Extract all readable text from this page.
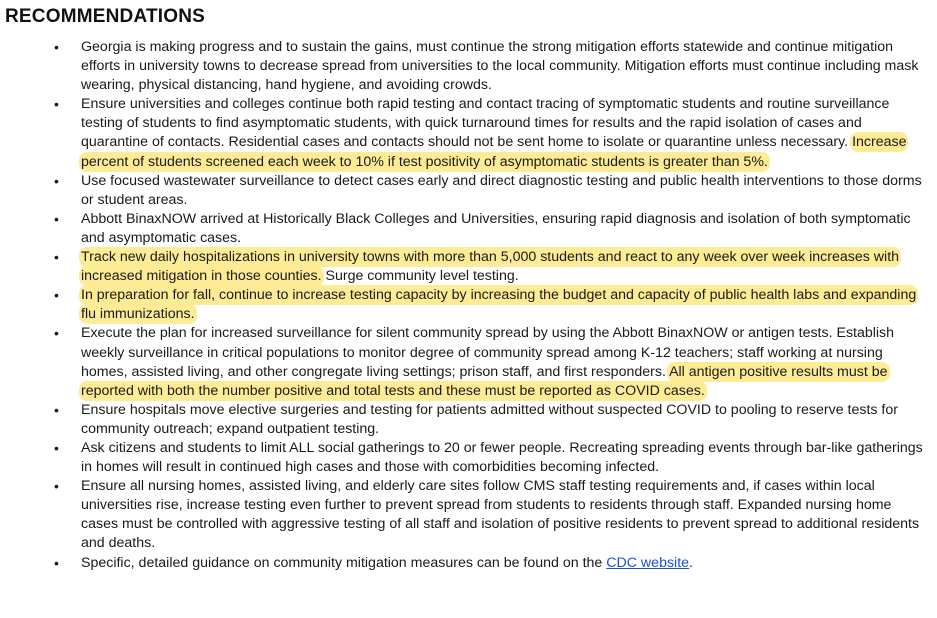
RECOMMENDATIONS
• Georgia is making progress and to sustain the gains, must continue the strong mitigation efforts statewide and continue mitigation efforts in university towns to decrease spread from universities to the local community. Mitigation efforts must continue including mask wearing, physical distancing, hand hygiene, and avoiding crowds.
• Ensure universities and colleges continue both rapid testing and contact tracing of symptomatic students and routine surveillance testing of students to find asymptomatic students, with quick turnaround times for results and the rapid isolation of cases and quarantine of contacts. Residential cases and contacts should not be sent home to isolate or quarantine unless necessary. Increase percent of students screened each week to 10% if test positivity of asymptomatic students is greater than 5%.
• Use focused wastewater surveillance to detect cases early and direct diagnostic testing and public health interventions to those dorms or student areas.
• Abbott BinaxNOW arrived at Historically Black Colleges and Universities, ensuring rapid diagnosis and isolation of both symptomatic and asymptomatic cases.
• Track new daily hospitalizations in university towns with more than 5,000 students and react to any week over week increases with increased mitigation in those counties. Surge community level testing.
• In preparation for fall, continue to increase testing capacity by increasing the budget and capacity of public health labs and expanding flu immunizations.
• Execute the plan for increased surveillance for silent community spread by using the Abbott BinaxNOW or antigen tests. Establish weekly surveillance in critical populations to monitor degree of community spread among K-12 teachers; staff working at nursing homes, assisted living, and other congregate living settings; prison staff, and first responders. All antigen positive results must be reported with both the number positive and total tests and these must be reported as COVID cases.
• Ensure hospitals move elective surgeries and testing for patients admitted without suspected COVID to pooling to reserve tests for community outreach; expand outpatient testing.
• Ask citizens and students to limit ALL social gatherings to 20 or fewer people. Recreating spreading events through bar-like gatherings in homes will result in continued high cases and those with comorbidities becoming infected.
• Ensure all nursing homes, assisted living, and elderly care sites follow CMS staff testing requirements and, if cases within local universities rise, increase testing even further to prevent spread from students to residents through staff. Expanded nursing home cases must be controlled with aggressive testing of all staff and isolation of positive residents to prevent spread to additional residents and deaths.
• Specific, detailed guidance on community mitigation measures can be found on the CDC website.
